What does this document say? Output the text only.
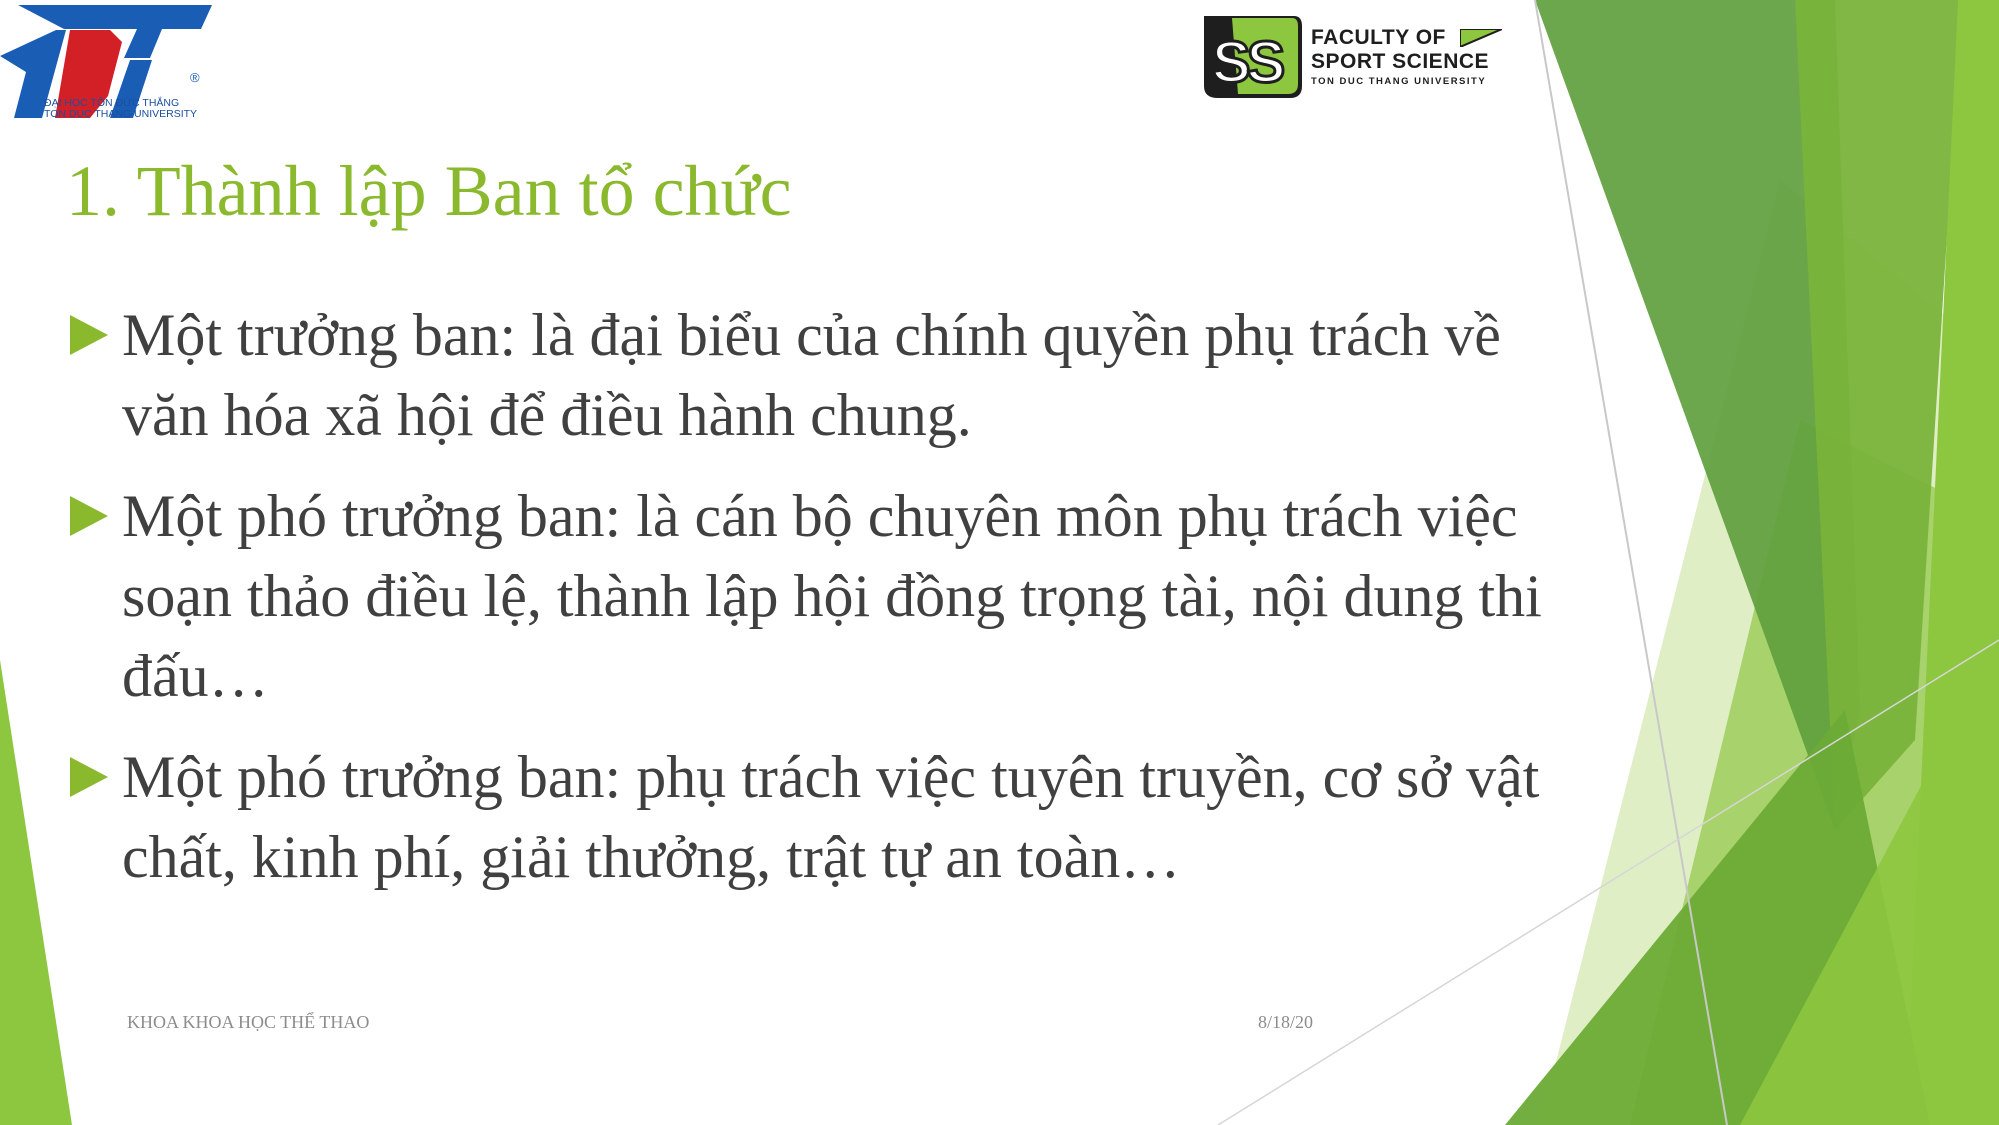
®
ĐẠI HỌC TÔN ĐỨC THẮNG
TON DUC THANG UNIVERSITY
SS FACULTY OF
SPORT SCIENCE
TON DUC THANG UNIVERSITY
1. Thành lập Ban tổ chức
Một trưởng ban: là đại biểu của chính quyền phụ trách về văn hóa xã hội để điều hành chung.
Một phó trưởng ban: là cán bộ chuyên môn phụ trách việc soạn thảo điều lệ, thành lập hội đồng trọng tài, nội dung thi đấu…
Một phó trưởng ban: phụ trách việc tuyên truyền, cơ sở vật chất, kinh phí, giải thưởng, trật tự an toàn…
KHOA KHOA HỌC THỂ THAO	8/18/20
